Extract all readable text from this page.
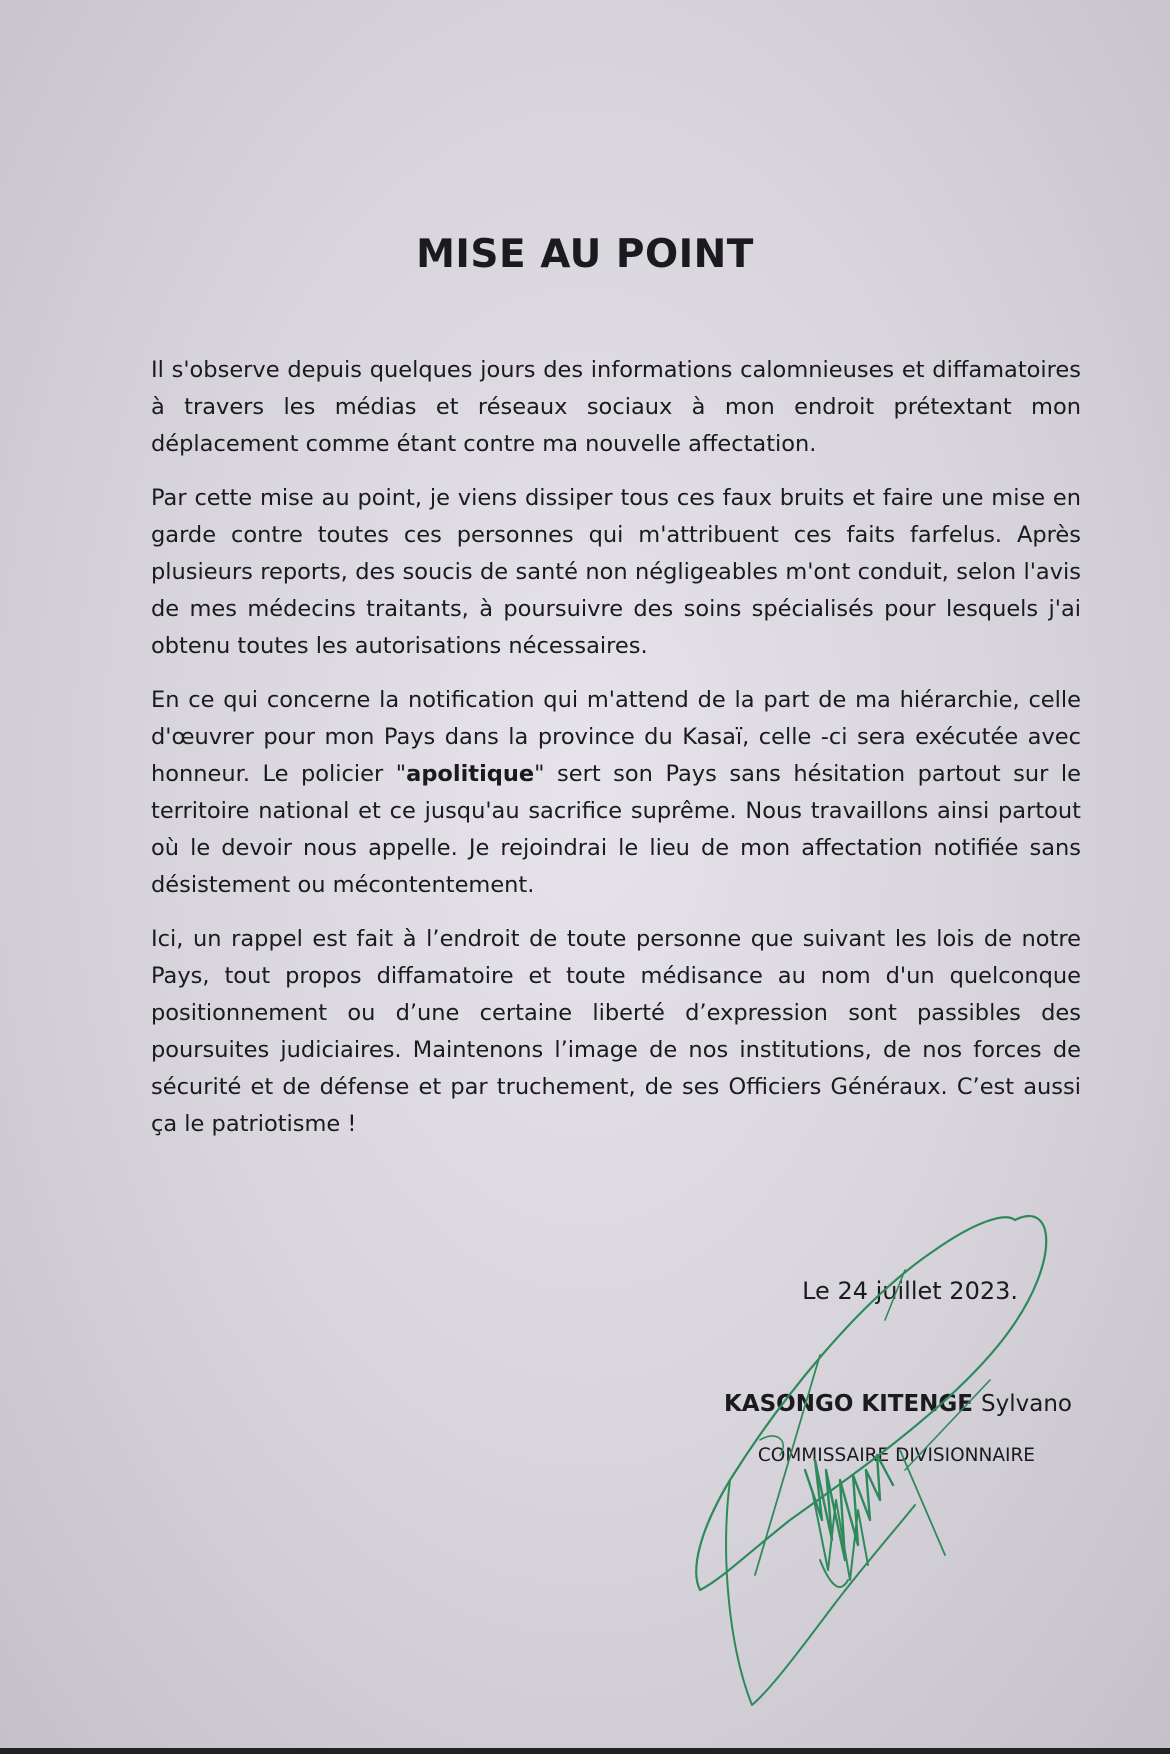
MISE AU POINT

Il s'observe depuis quelques jours des informations calomnieuses et diffamatoires à travers les médias et réseaux sociaux à mon endroit prétextant mon déplacement comme étant contre ma nouvelle affectation.

Par cette mise au point, je viens dissiper tous ces faux bruits et faire une mise en garde contre toutes ces personnes qui m'attribuent ces faits farfelus. Après plusieurs reports, des soucis de santé non négligeables m'ont conduit, selon l'avis de mes médecins traitants, à poursuivre des soins spécialisés pour lesquels j'ai obtenu toutes les autorisations nécessaires.

En ce qui concerne la notification qui m'attend de la part de ma hiérarchie, celle d'œuvrer pour mon Pays dans la province du Kasaï, celle -ci sera exécutée avec honneur. Le policier "apolitique" sert son Pays sans hésitation partout sur le territoire national et ce jusqu'au sacrifice suprême. Nous travaillons ainsi partout où le devoir nous appelle. Je rejoindrai le lieu de mon affectation notifiée sans désistement ou mécontentement.

Ici, un rappel est fait à l’endroit de toute personne que suivant les lois de notre Pays, tout propos diffamatoire et toute médisance au nom d'un quelconque positionnement ou d’une certaine liberté d’expression sont passibles des poursuites judiciaires. Maintenons l’image de nos institutions, de nos forces de sécurité et de défense et par truchement, de ses Officiers Généraux. C’est aussi ça le patriotisme !

Le 24 juillet 2023.

KASONGO KITENGE Sylvano

COMMISSAIRE DIVISIONNAIRE
